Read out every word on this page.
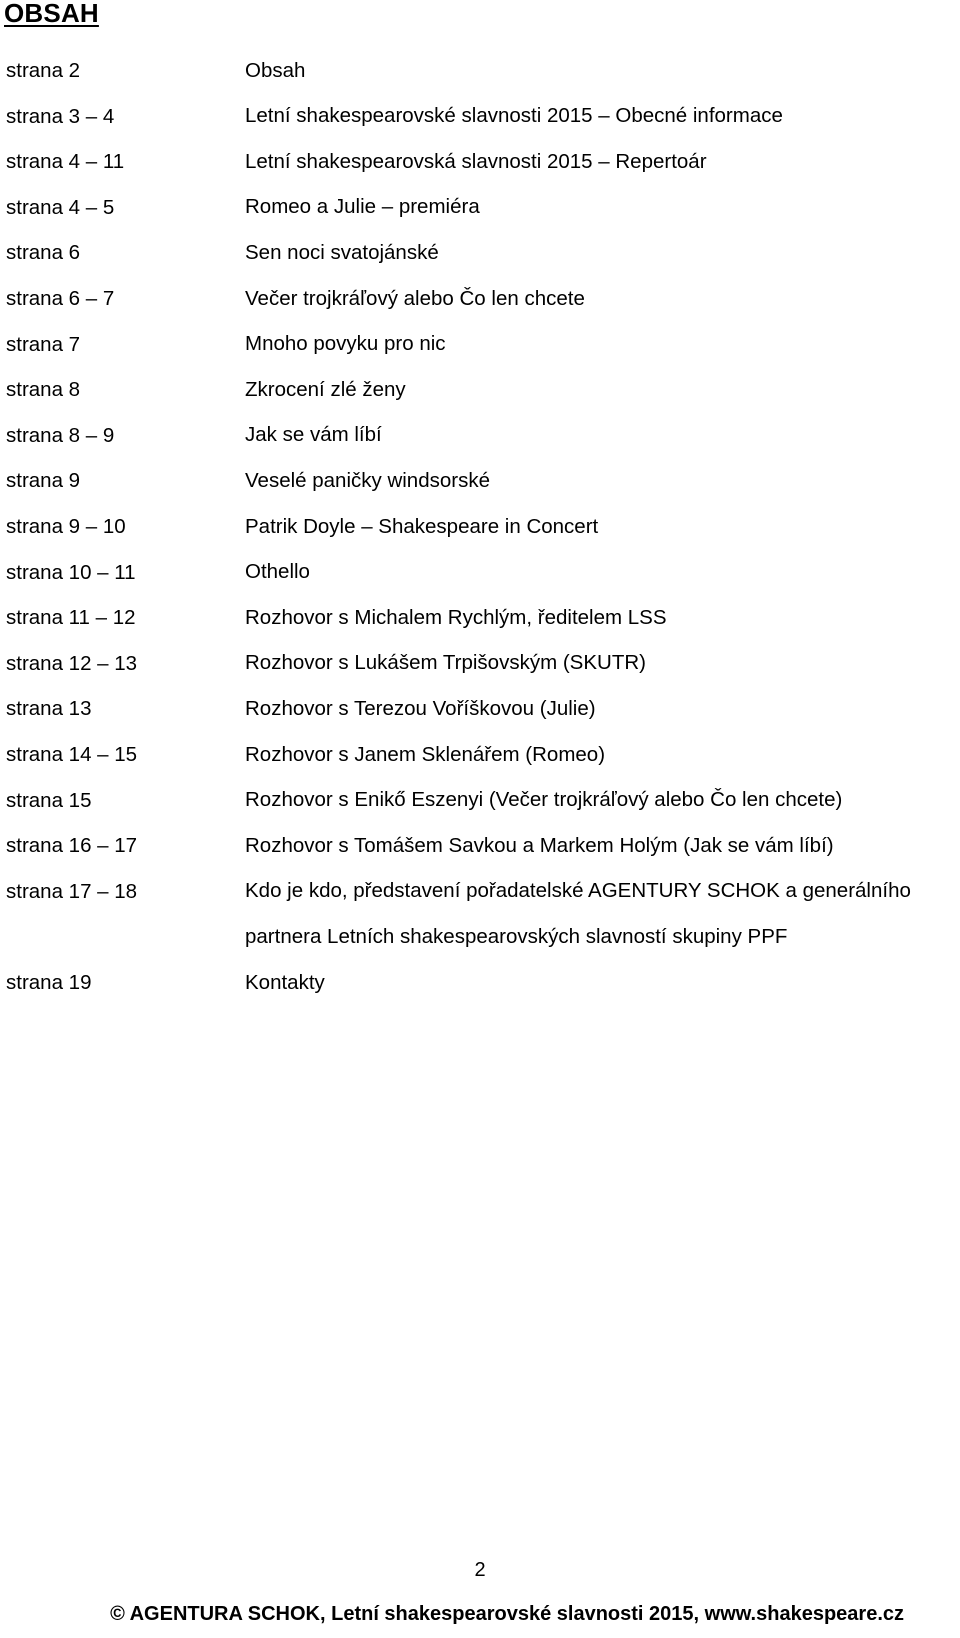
OBSAH
strana 2	Obsah
strana 3 – 4	Letní shakespearovské slavnosti 2015 – Obecné informace
strana 4 – 11	Letní shakespearovská slavnosti 2015 – Repertoár
strana 4 – 5	Romeo a Julie – premiéra
strana 6	Sen noci svatojánské
strana 6 – 7	Večer trojkráľový alebo Čo len chcete
strana 7	Mnoho povyku pro nic
strana 8	Zkrocení zlé ženy
strana 8 – 9	Jak se vám líbí
strana 9	Veselé paničky windsorské
strana 9 – 10	Patrik Doyle – Shakespeare in Concert
strana 10 – 11	Othello
strana 11 – 12	Rozhovor s Michalem Rychlým, ředitelem LSS
strana 12 – 13	Rozhovor s Lukášem Trpišovským (SKUTR)
strana 13	Rozhovor s Terezou Voříškovou (Julie)
strana 14 – 15	Rozhovor s Janem Sklenářem (Romeo)
strana 15	Rozhovor s Enikő Eszenyi (Večer trojkráľový alebo Čo len chcete)
strana 16 – 17	Rozhovor s Tomášem Savkou a Markem Holým (Jak se vám líbí)
strana 17 – 18	Kdo je kdo, představení pořadatelské AGENTURY SCHOK a generálního partnera Letních shakespearovských slavností skupiny PPF
strana 19	Kontakty
2
© AGENTURA SCHOK, Letní shakespearovské slavnosti 2015, www.shakespeare.cz
